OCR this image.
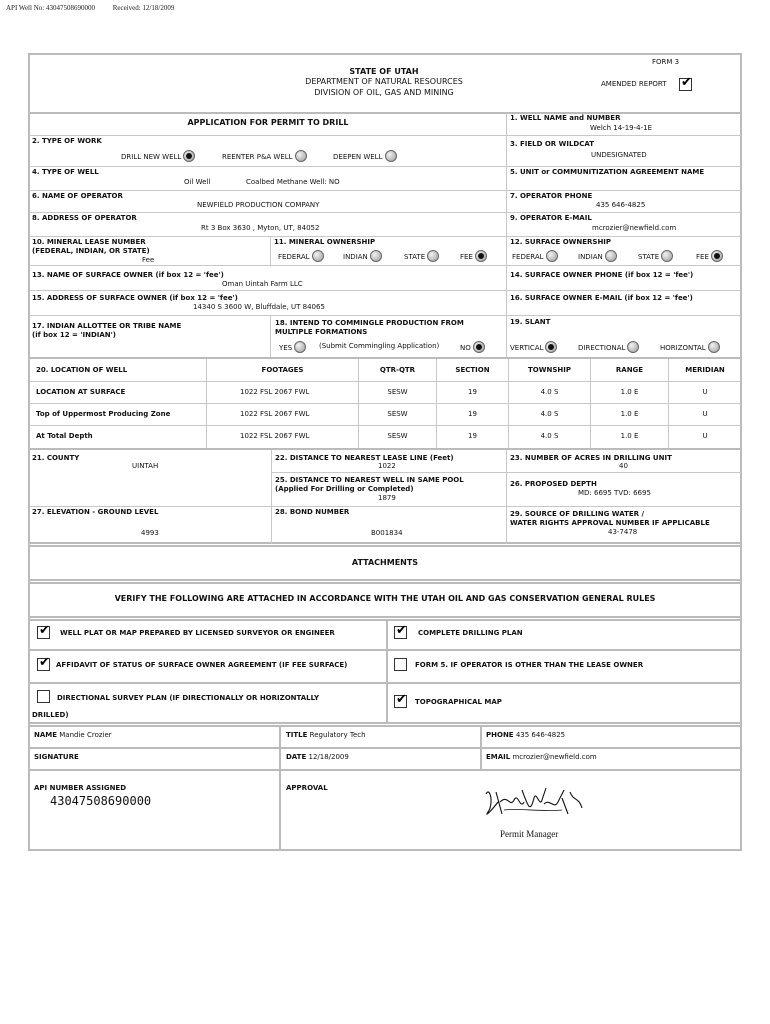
API Well No: 43047508690000	Received: 12/18/2009
STATE OF UTAH
DEPARTMENT OF NATURAL RESOURCES
DIVISION OF OIL, GAS AND MINING
FORM 3
AMENDED REPORT ✔
APPLICATION FOR PERMIT TO DRILL	1. WELL NAME and NUMBER
Welch 14-19-4-1E
2. TYPE OF WORK
DRILL NEW WELL	REENTER P&A WELL	DEEPEN WELL
3. FIELD OR WILDCAT
UNDESIGNATED
4. TYPE OF WELL
Oil Well	Coalbed Methane Well: NO
5. UNIT or COMMUNITIZATION AGREEMENT NAME
6. NAME OF OPERATOR
NEWFIELD PRODUCTION COMPANY
7. OPERATOR PHONE
435 646-4825
8. ADDRESS OF OPERATOR
Rt 3 Box 3630 , Myton, UT, 84052
9. OPERATOR E-MAIL
mcrozier@newfield.com
10. MINERAL LEASE NUMBER
(FEDERAL, INDIAN, OR STATE)
Fee
11. MINERAL OWNERSHIP
FEDERAL	INDIAN	STATE	FEE
12. SURFACE OWNERSHIP
FEDERAL	INDIAN	STATE	FEE
13. NAME OF SURFACE OWNER (if box 12 = 'fee')
Oman Uintah Farm LLC
14. SURFACE OWNER PHONE (if box 12 = 'fee')
15. ADDRESS OF SURFACE OWNER (if box 12 = 'fee')
14340 S 3600 W, Bluffdale, UT 84065
16. SURFACE OWNER E-MAIL (if box 12 = 'fee')
17. INDIAN ALLOTTEE OR TRIBE NAME
(if box 12 = 'INDIAN')
18. INTEND TO COMMINGLE PRODUCTION FROM
MULTIPLE FORMATIONS
YES	(Submit Commingling Application)	NO
19. SLANT
VERTICAL	DIRECTIONAL	HORIZONTAL
20. LOCATION OF WELL	FOOTAGES	QTR-QTR	SECTION	TOWNSHIP	RANGE	MERIDIAN
LOCATION AT SURFACE	1022 FSL 2067 FWL	SESW	19	4.0 S	1.0 E	U
Top of Uppermost Producing Zone	1022 FSL 2067 FWL	SESW	19	4.0 S	1.0 E	U
At Total Depth	1022 FSL 2067 FWL	SESW	19	4.0 S	1.0 E	U
21. COUNTY
UINTAH
22. DISTANCE TO NEAREST LEASE LINE (Feet)
1022
23. NUMBER OF ACRES IN DRILLING UNIT
40
25. DISTANCE TO NEAREST WELL IN SAME POOL
(Applied For Drilling or Completed)
1879
26. PROPOSED DEPTH
MD: 6695 TVD: 6695
27. ELEVATION - GROUND LEVEL
4993
28. BOND NUMBER
B001834
29. SOURCE OF DRILLING WATER /
WATER RIGHTS APPROVAL NUMBER IF APPLICABLE
43-7478
ATTACHMENTS
VERIFY THE FOLLOWING ARE ATTACHED IN ACCORDANCE WITH THE UTAH OIL AND GAS CONSERVATION GENERAL RULES
✔ WELL PLAT OR MAP PREPARED BY LICENSED SURVEYOR OR ENGINEER	✔ COMPLETE DRILLING PLAN
✔ AFFIDAVIT OF STATUS OF SURFACE OWNER AGREEMENT (IF FEE SURFACE)	FORM 5. IF OPERATOR IS OTHER THAN THE LEASE OWNER
DIRECTIONAL SURVEY PLAN (IF DIRECTIONALLY OR HORIZONTALLY
DRILLED)
✔ TOPOGRAPHICAL MAP
NAME Mandie Crozier	TITLE Regulatory Tech	PHONE 435 646-4825
SIGNATURE	DATE 12/18/2009	EMAIL mcrozier@newfield.com
API NUMBER ASSIGNED
43047508690000
APPROVAL
Permit Manager
